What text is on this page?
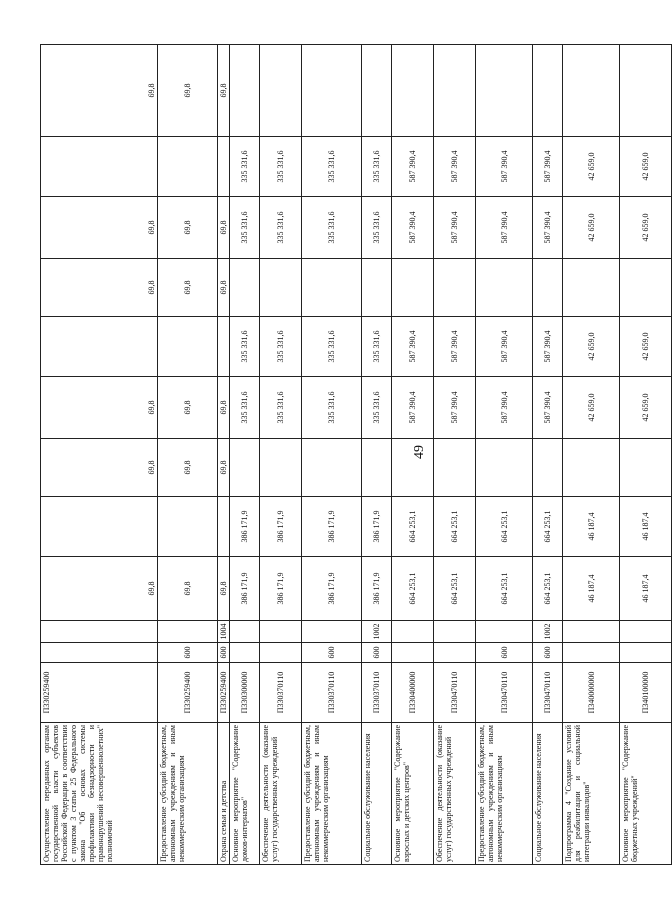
49
Осуществление переданных органам государственной власти субъектов Российской Федерации в соответствии с пунктом 3 статьи 25 Федерального закона "Об основах системы профилактики безнадзорности и правонарушений несовершеннолетних" полномочий	П330259400			69,8		69,8	69,8		69,8	69,8		69,8
Предоставление субсидий бюджетным, автономным учреждениям и иным некоммерческим организациям	П330259400	600		69,8		69,8	69,8		69,8	69,8		69,8
Охрана семьи и детства	П330259400	600	1004	69,8		69,8	69,8		69,8	69,8		69,8
Основное мероприятие "Содержание домов-интернатов"	П330300000			386 171,9	386 171,9		335 331,6	335 331,6		335 331,6	335 331,6	
Обеспечение деятельности (оказание услуг) государственных учреждений	П330370110			386 171,9	386 171,9		335 331,6	335 331,6		335 331,6	335 331,6	
Предоставление субсидий бюджетным, автономным учреждениям и иным некоммерческим организациям	П330370110	600		386 171,9	386 171,9		335 331,6	335 331,6		335 331,6	335 331,6	
Социальное обслуживание населения	П330370110	600	1002	386 171,9	386 171,9		335 331,6	335 331,6		335 331,6	335 331,6	
Основное мероприятие "Содержание взрослых и детских центров"	П330400000			664 253,1	664 253,1		587 390,4	587 390,4		587 390,4	587 390,4	
Обеспечение деятельности (оказание услуг) государственных учреждений	П330470110			664 253,1	664 253,1		587 390,4	587 390,4		587 390,4	587 390,4	
Предоставление субсидий бюджетным, автономным учреждениям и иным некоммерческим организациям	П330470110	600		664 253,1	664 253,1		587 390,4	587 390,4		587 390,4	587 390,4	
Социальное обслуживание населения	П330470110	600	1002	664 253,1	664 253,1		587 390,4	587 390,4		587 390,4	587 390,4	
Подпрограмма 4 "Создание условий для реабилитации и социальной интеграции инвалидов"	П340000000			46 187,4	46 187,4		42 659,0	42 659,0		42 659,0	42 659,0	
Основное мероприятие "Содержание бюджетных учреждений"	П340100000			46 187,4	46 187,4		42 659,0	42 659,0		42 659,0	42 659,0	
